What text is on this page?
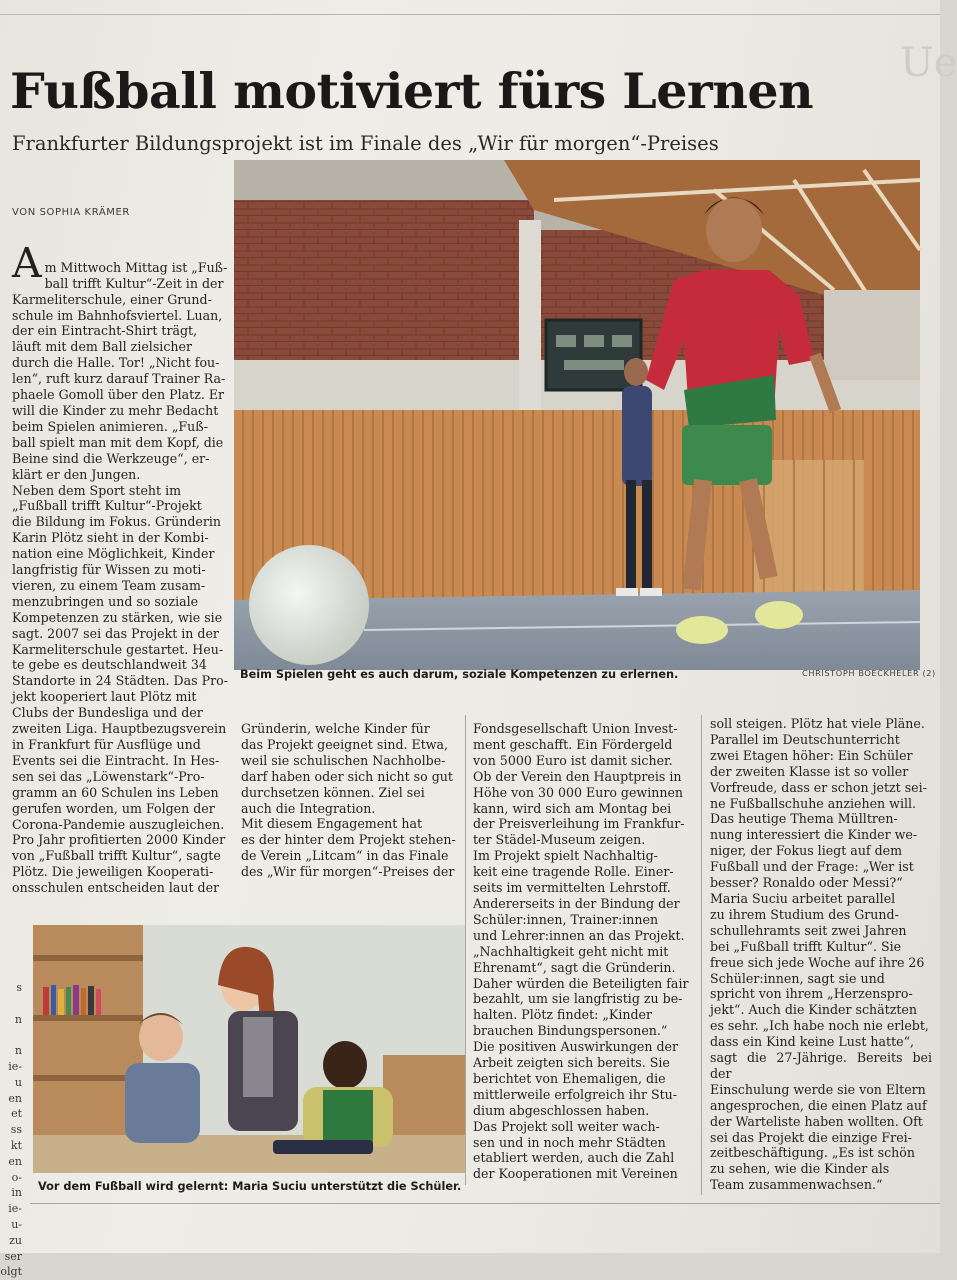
Ue
Fußball motiviert fürs Lernen
Frankfurter Bildungsprojekt ist im Finale des „Wir für morgen“-Preises
VON SOPHIA KRÄMER

A m Mittwoch Mittag ist „Fuß-
ball trifft Kultur“-Zeit in der
Karmeliterschule, einer Grund-
schule im Bahnhofsviertel. Luan,
der ein Eintracht-Shirt trägt,
läuft mit dem Ball zielsicher
durch die Halle. Tor! „Nicht fou-
len“, ruft kurz darauf Trainer Ra-
phaele Gomoll über den Platz. Er
will die Kinder zu mehr Bedacht
beim Spielen animieren. „Fuß-
ball spielt man mit dem Kopf, die
Beine sind die Werkzeuge“, er-
klärt er den Jungen.
Neben dem Sport steht im
„Fußball trifft Kultur“-Projekt
die Bildung im Fokus. Gründerin
Karin Plötz sieht in der Kombi-
nation eine Möglichkeit, Kinder
langfristig für Wissen zu moti-
vieren, zu einem Team zusam-
menzubringen und so soziale
Kompetenzen zu stärken, wie sie
sagt. 2007 sei das Projekt in der
Karmeliterschule gestartet. Heu-
te gebe es deutschlandweit 34
Standorte in 24 Städten. Das Pro-
jekt kooperiert laut Plötz mit
Clubs der Bundesliga und der
zweiten Liga. Hauptbezugsverein
in Frankfurt für Ausflüge und
Events sei die Eintracht. In Hes-
sen sei das „Löwenstark“-Pro-
gramm an 60 Schulen ins Leben
gerufen worden, um Folgen der
Corona-Pandemie auszugleichen.
Pro Jahr profitierten 2000 Kinder
von „Fußball trifft Kultur“, sagte
Plötz. Die jeweiligen Kooperati-
onsschulen entscheiden laut der

Beim Spielen geht es auch darum, soziale Kompetenzen zu erlernen.	CHRISTOPH BOECKHELER (2)
Gründerin, welche Kinder für
das Projekt geeignet sind. Etwa,
weil sie schulischen Nachholbe-
darf haben oder sich nicht so gut
durchsetzen können. Ziel sei
auch die Integration.
Mit diesem Engagement hat
es der hinter dem Projekt stehen-
de Verein „Litcam“ in das Finale
des „Wir für morgen“-Preises der
Fondsgesellschaft Union Invest-
ment geschafft. Ein Fördergeld
von 5000 Euro ist damit sicher.
Ob der Verein den Hauptpreis in
Höhe von 30 000 Euro gewinnen
kann, wird sich am Montag bei
der Preisverleihung im Frankfur-
ter Städel-Museum zeigen.
Im Projekt spielt Nachhaltig-
keit eine tragende Rolle. Einer-
seits im vermittelten Lehrstoff.
Andererseits in der Bindung der
Schüler:innen, Trainer:innen
und Lehrer:innen an das Projekt.
„Nachhaltigkeit geht nicht mit
Ehrenamt“, sagt die Gründerin.
Daher würden die Beteiligten fair
bezahlt, um sie langfristig zu be-
halten. Plötz findet: „Kinder
brauchen Bindungspersonen.“
Die positiven Auswirkungen der
Arbeit zeigten sich bereits. Sie
berichtet von Ehemaligen, die
mittlerweile erfolgreich ihr Stu-
dium abgeschlossen haben.
Das Projekt soll weiter wach-
sen und in noch mehr Städten
etabliert werden, auch die Zahl
der Kooperationen mit Vereinen
soll steigen. Plötz hat viele Pläne.
Parallel im Deutschunterricht
zwei Etagen höher: Ein Schüler
der zweiten Klasse ist so voller
Vorfreude, dass er schon jetzt sei-
ne Fußballschuhe anziehen will.
Das heutige Thema Mülltren-
nung interessiert die Kinder we-
niger, der Fokus liegt auf dem
Fußball und der Frage: „Wer ist
besser? Ronaldo oder Messi?“
Maria Suciu arbeitet parallel
zu ihrem Studium des Grund-
schullehramts seit zwei Jahren
bei „Fußball trifft Kultur“. Sie
freue sich jede Woche auf ihre 26
Schüler:innen, sagt sie und
spricht von ihrem „Herzenspro-
jekt“. Auch die Kinder schätzten
es sehr. „Ich habe noch nie erlebt,
dass ein Kind keine Lust hatte“,
sagt die 27-Jährige. Bereits bei der
Einschulung werde sie von Eltern
angesprochen, die einen Platz auf
der Warteliste haben wollten. Oft
sei das Projekt die einzige Frei-
zeitbeschäftigung. „Es ist schön
zu sehen, wie die Kinder als
Team zusammenwachsen.“
Vor dem Fußball wird gelernt: Maria Suciu unterstützt die Schüler.
s

n

n
ie-
u
en
et
ss
kt
en
o-
in
ie-
u-
zu
ser
olgt
